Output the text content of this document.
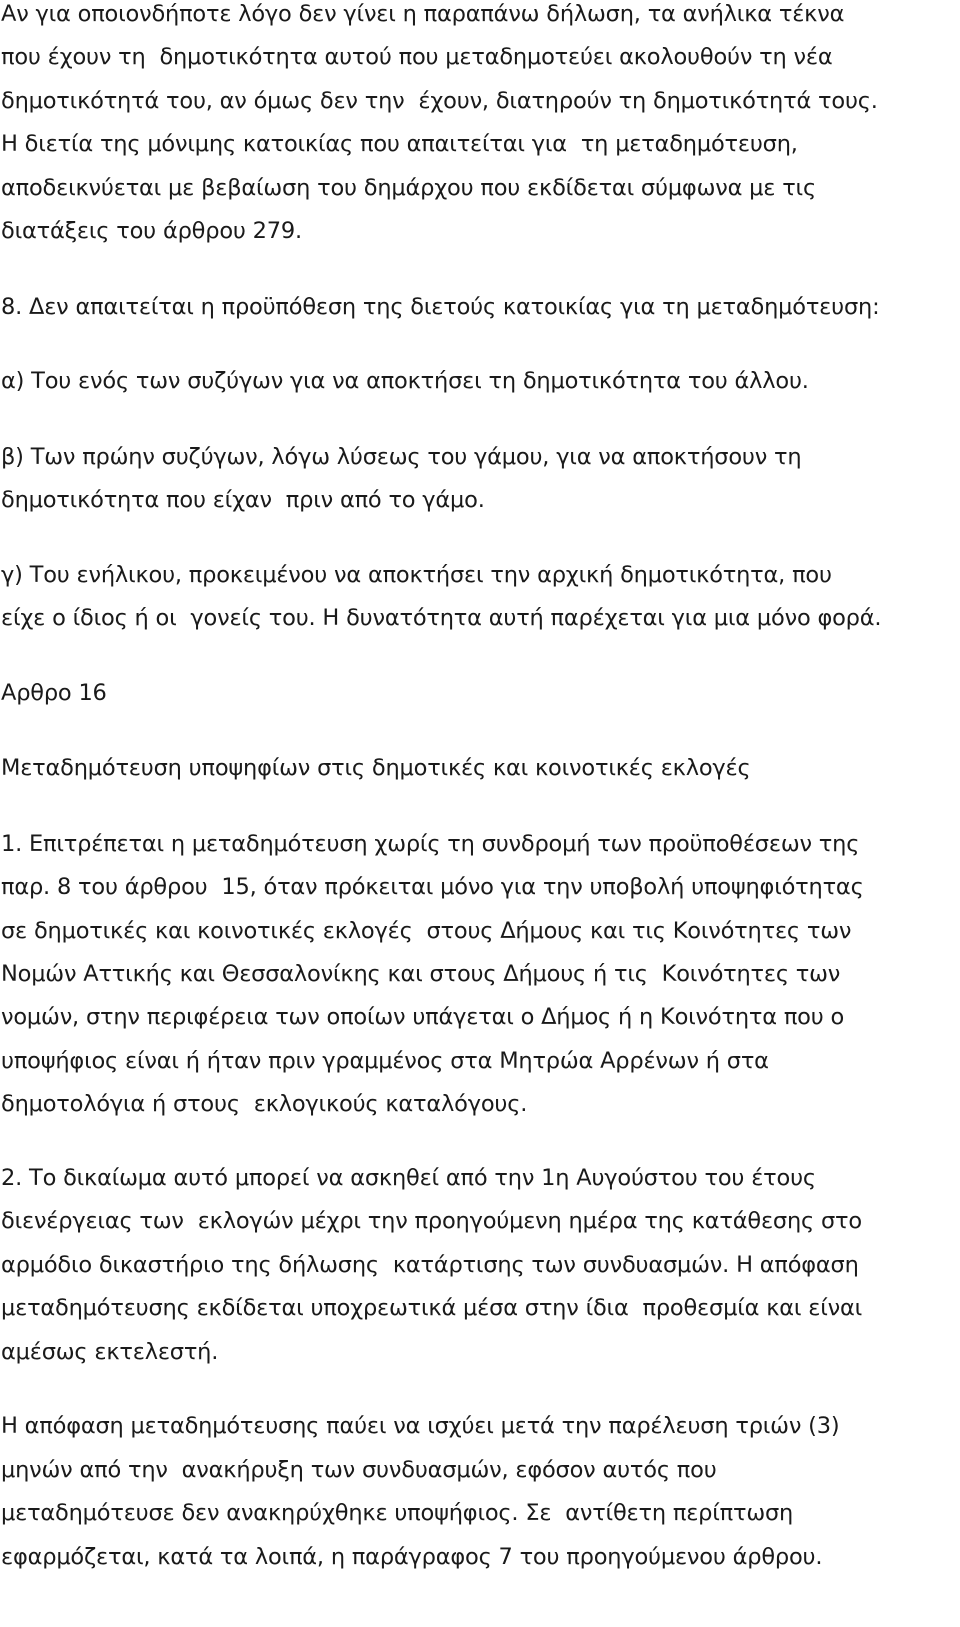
Αν για οποιονδήποτε λόγο δεν γίνει η παραπάνω δήλωση, τα ανήλικα τέκνα
που έχουν τη  δημοτικότητα αυτού που μεταδημοτεύει ακολουθούν τη νέα
δημοτικότητά του, αν όμως δεν την  έχουν, διατηρούν τη δημοτικότητά τους.
Η διετία της μόνιμης κατοικίας που απαιτείται για  τη μεταδημότευση,
αποδεικνύεται με βεβαίωση του δημάρχου που εκδίδεται σύμφωνα με τις
διατάξεις του άρθρου 279.
8. Δεν απαιτείται η προϋπόθεση της διετούς κατοικίας για τη μεταδημότευση:
α) Του ενός των συζύγων για να αποκτήσει τη δημοτικότητα του άλλου.
β) Των πρώην συζύγων, λόγω λύσεως του γάμου, για να αποκτήσουν τη
δημοτικότητα που είχαν  πριν από το γάμο.
γ) Του ενήλικου, προκειμένου να αποκτήσει την αρχική δημοτικότητα, που
είχε ο ίδιος ή οι  γονείς του. Η δυνατότητα αυτή παρέχεται για μια μόνο φορά.
Αρθρο 16
Μεταδημότευση υποψηφίων στις δημοτικές και κοινοτικές εκλογές
1. Επιτρέπεται η μεταδημότευση χωρίς τη συνδρομή των προϋποθέσεων της
παρ. 8 του άρθρου  15, όταν πρόκειται μόνο για την υποβολή υποψηφιότητας
σε δημοτικές και κοινοτικές εκλογές  στους Δήμους και τις Κοινότητες των
Νομών Αττικής και Θεσσαλονίκης και στους Δήμους ή τις  Κοινότητες των
νομών, στην περιφέρεια των οποίων υπάγεται ο Δήμος ή η Κοινότητα που ο
υποψήφιος είναι ή ήταν πριν γραμμένος στα Μητρώα Αρρένων ή στα
δημοτολόγια ή στους  εκλογικούς καταλόγους.
2. Το δικαίωμα αυτό μπορεί να ασκηθεί από την 1η Αυγούστου του έτους
διενέργειας των  εκλογών μέχρι την προηγούμενη ημέρα της κατάθεσης στο
αρμόδιο δικαστήριο της δήλωσης  κατάρτισης των συνδυασμών. Η απόφαση
μεταδημότευσης εκδίδεται υποχρεωτικά μέσα στην ίδια  προθεσμία και είναι
αμέσως εκτελεστή.
Η απόφαση μεταδημότευσης παύει να ισχύει μετά την παρέλευση τριών (3)
μηνών από την  ανακήρυξη των συνδυασμών, εφόσον αυτός που
μεταδημότευσε δεν ανακηρύχθηκε υποψήφιος. Σε  αντίθετη περίπτωση
εφαρμόζεται, κατά τα λοιπά, η παράγραφος 7 του προηγούμενου άρθρου.
